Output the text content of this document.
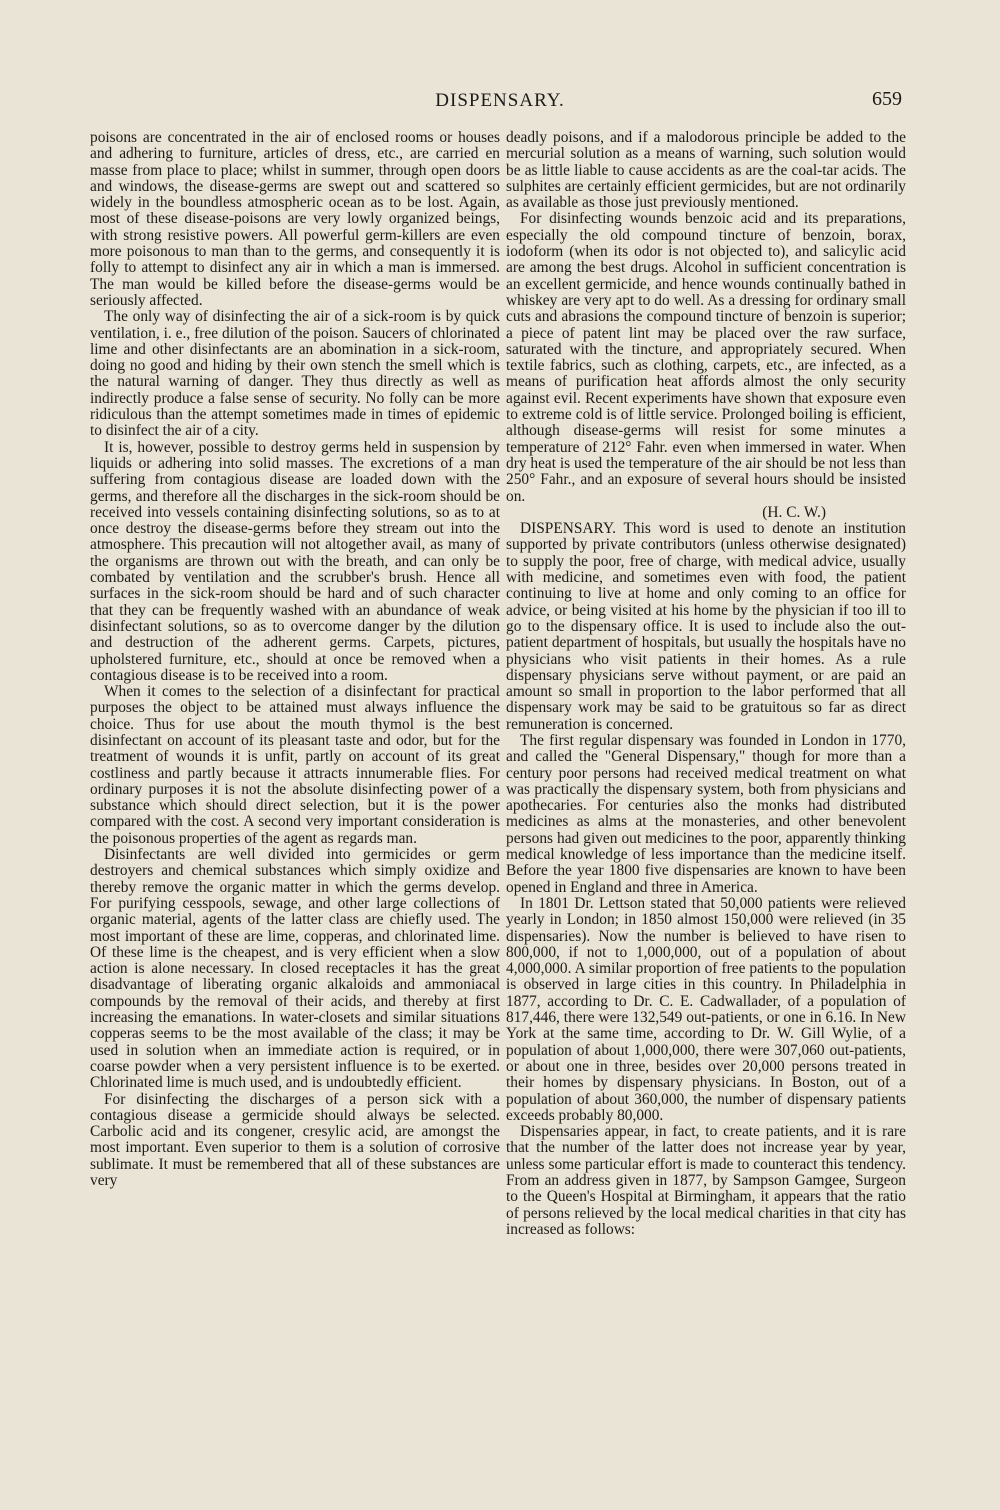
DISPENSARY.	659

poisons are concentrated in the air of enclosed rooms or houses and adhering to furniture, articles of dress, etc., are carried en masse from place to place; whilst in summer, through open doors and windows, the disease-germs are swept out and scattered so widely in the boundless atmospheric ocean as to be lost. Again, most of these disease-poisons are very lowly organized beings, with strong resistive powers. All powerful germ-killers are even more poisonous to man than to the germs, and consequently it is folly to attempt to disinfect any air in which a man is immersed. The man would be killed before the disease-germs would be seriously affected.

The only way of disinfecting the air of a sick-room is by quick ventilation, i. e., free dilution of the poison. Saucers of chlorinated lime and other disinfectants are an abomination in a sick-room, doing no good and hiding by their own stench the smell which is the natural warning of danger. They thus directly as well as indirectly produce a false sense of security. No folly can be more ridiculous than the attempt sometimes made in times of epidemic to disinfect the air of a city.

It is, however, possible to destroy germs held in suspension by liquids or adhering into solid masses. The excretions of a man suffering from contagious disease are loaded down with the germs, and therefore all the discharges in the sick-room should be received into vessels containing disinfecting solutions, so as to at once destroy the disease-germs before they stream out into the atmosphere. This precaution will not altogether avail, as many of the organisms are thrown out with the breath, and can only be combated by ventilation and the scrubber's brush. Hence all surfaces in the sick-room should be hard and of such character that they can be frequently washed with an abundance of weak disinfectant solutions, so as to overcome danger by the dilution and destruction of the adherent germs. Carpets, pictures, upholstered furniture, etc., should at once be removed when a contagious disease is to be received into a room.

When it comes to the selection of a disinfectant for practical purposes the object to be attained must always influence the choice. Thus for use about the mouth thymol is the best disinfectant on account of its pleasant taste and odor, but for the treatment of wounds it is unfit, partly on account of its great costliness and partly because it attracts innumerable flies. For ordinary purposes it is not the absolute disinfecting power of a substance which should direct selection, but it is the power compared with the cost. A second very important consideration is the poisonous properties of the agent as regards man.

Disinfectants are well divided into germicides or germ destroyers and chemical substances which simply oxidize and thereby remove the organic matter in which the germs develop. For purifying cesspools, sewage, and other large collections of organic material, agents of the latter class are chiefly used. The most important of these are lime, copperas, and chlorinated lime. Of these lime is the cheapest, and is very efficient when a slow action is alone necessary. In closed receptacles it has the great disadvantage of liberating organic alkaloids and ammoniacal compounds by the removal of their acids, and thereby at first increasing the emanations. In water-closets and similar situations copperas seems to be the most available of the class; it may be used in solution when an immediate action is required, or in coarse powder when a very persistent influence is to be exerted. Chlorinated lime is much used, and is undoubtedly efficient.

For disinfecting the discharges of a person sick with a contagious disease a germicide should always be selected. Carbolic acid and its congener, cresylic acid, are amongst the most important. Even superior to them is a solution of corrosive sublimate. It must be remembered that all of these substances are very

deadly poisons, and if a malodorous principle be added to the mercurial solution as a means of warning, such solution would be as little liable to cause accidents as are the coal-tar acids. The sulphites are certainly efficient germicides, but are not ordinarily as available as those just previously mentioned.

For disinfecting wounds benzoic acid and its preparations, especially the old compound tincture of benzoin, borax, iodoform (when its odor is not objected to), and salicylic acid are among the best drugs. Alcohol in sufficient concentration is an excellent germicide, and hence wounds continually bathed in whiskey are very apt to do well. As a dressing for ordinary small cuts and abrasions the compound tincture of benzoin is superior; a piece of patent lint may be placed over the raw surface, saturated with the tincture, and appropriately secured. When textile fabrics, such as clothing, carpets, etc., are infected, as a means of purification heat affords almost the only security against evil. Recent experiments have shown that exposure even to extreme cold is of little service. Prolonged boiling is efficient, although disease-germs will resist for some minutes a temperature of 212° Fahr. even when immersed in water. When dry heat is used the temperature of the air should be not less than 250° Fahr., and an exposure of several hours should be insisted on.

(H. C. W.)

DISPENSARY. This word is used to denote an institution supported by private contributors (unless otherwise designated) to supply the poor, free of charge, with medical advice, usually with medicine, and sometimes even with food, the patient continuing to live at home and only coming to an office for advice, or being visited at his home by the physician if too ill to go to the dispensary office. It is used to include also the out-patient department of hospitals, but usually the hospitals have no physicians who visit patients in their homes. As a rule dispensary physicians serve without payment, or are paid an amount so small in proportion to the labor performed that all dispensary work may be said to be gratuitous so far as direct remuneration is concerned.

The first regular dispensary was founded in London in 1770, and called the "General Dispensary," though for more than a century poor persons had received medical treatment on what was practically the dispensary system, both from physicians and apothecaries. For centuries also the monks had distributed medicines as alms at the monasteries, and other benevolent persons had given out medicines to the poor, apparently thinking medical knowledge of less importance than the medicine itself. Before the year 1800 five dispensaries are known to have been opened in England and three in America.

In 1801 Dr. Lettson stated that 50,000 patients were relieved yearly in London; in 1850 almost 150,000 were relieved (in 35 dispensaries). Now the number is believed to have risen to 800,000, if not to 1,000,000, out of a population of about 4,000,000. A similar proportion of free patients to the population is observed in large cities in this country. In Philadelphia in 1877, according to Dr. C. E. Cadwallader, of a population of 817,446, there were 132,549 out-patients, or one in 6.16. In New York at the same time, according to Dr. W. Gill Wylie, of a population of about 1,000,000, there were 307,060 out-patients, or about one in three, besides over 20,000 persons treated in their homes by dispensary physicians. In Boston, out of a population of about 360,000, the number of dispensary patients exceeds probably 80,000.

Dispensaries appear, in fact, to create patients, and it is rare that the number of the latter does not increase year by year, unless some particular effort is made to counteract this tendency. From an address given in 1877, by Sampson Gamgee, Surgeon to the Queen's Hospital at Birmingham, it appears that the ratio of persons relieved by the local medical charities in that city has increased as follows:
